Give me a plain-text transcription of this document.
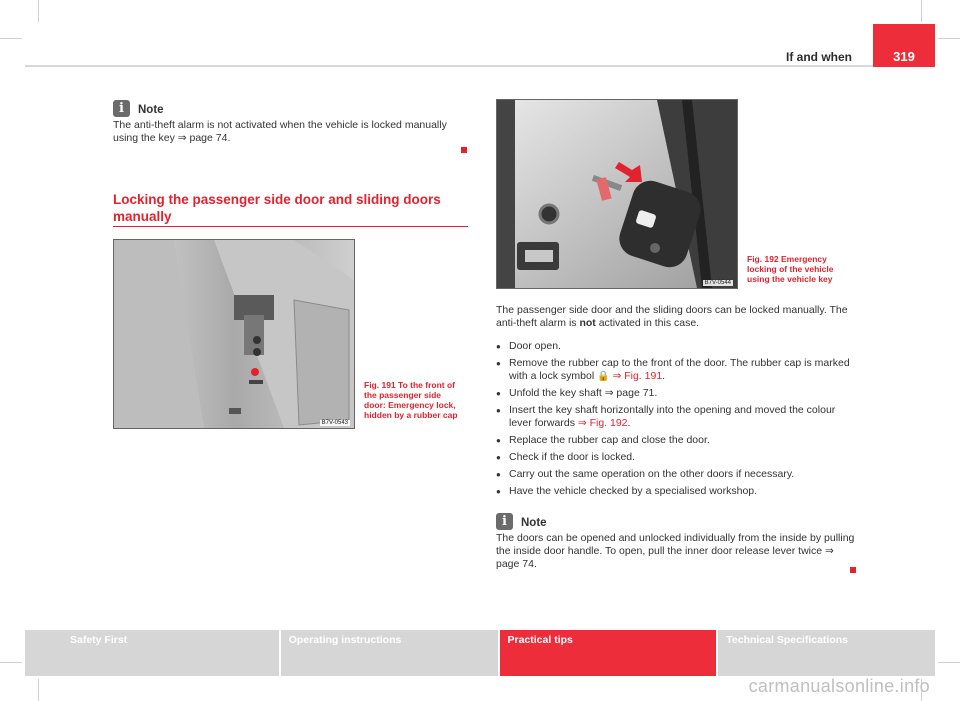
If and when	319
i	Note
The anti-theft alarm is not activated when the vehicle is locked manually using the key ⇒ page 74.
Locking the passenger side door and sliding doors manually
B7V-0543
Fig. 191 To the front of the passenger side door: Emergency lock, hidden by a rubber cap
B7V-0544
Fig. 192 Emergency locking of the vehicle using the vehicle key
The passenger side door and the sliding doors can be locked manually. The anti-theft alarm is not activated in this case.
● Door open.
● Remove the rubber cap to the front of the door. The rubber cap is marked with a lock symbol 🔒 ⇒ Fig. 191.
● Unfold the key shaft ⇒ page 71.
● Insert the key shaft horizontally into the opening and moved the colour lever forwards ⇒ Fig. 192.
● Replace the rubber cap and close the door.
● Check if the door is locked.
● Carry out the same operation on the other doors if necessary.
● Have the vehicle checked by a specialised workshop.
i	Note
The doors can be opened and unlocked individually from the inside by pulling the inside door handle. To open, pull the inner door release lever twice ⇒ page 74.
Safety First	Operating instructions	Practical tips	Technical Specifications
carmanualsonline.info
